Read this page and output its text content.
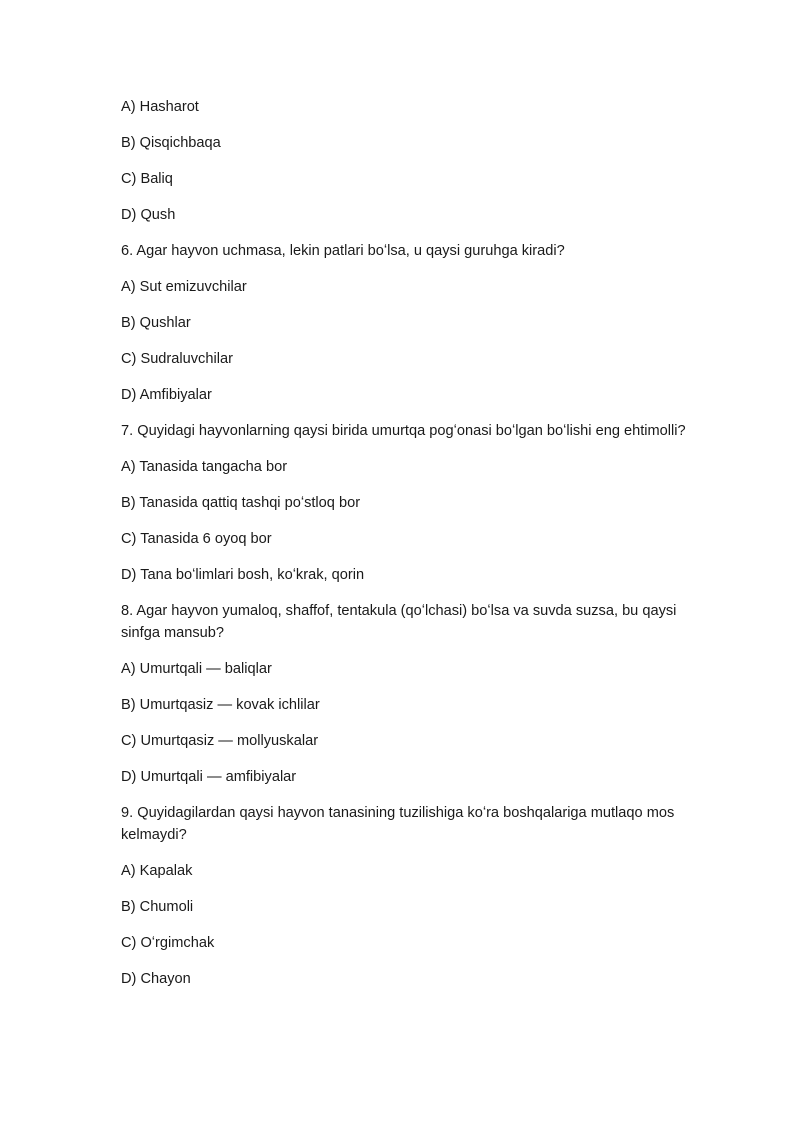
A) Hasharot

B) Qisqichbaqa

C) Baliq

D) Qush

6. Agar hayvon uchmasa, lekin patlari boʻlsa, u qaysi guruhga kiradi?

A) Sut emizuvchilar

B) Qushlar

C) Sudraluvchilar

D) Amfibiyalar

7. Quyidagi hayvonlarning qaysi birida umurtqa pogʻonasi boʻlgan boʻlishi eng ehtimolli?

A) Tanasida tangacha bor

B) Tanasida qattiq tashqi poʻstloq bor

C) Tanasida 6 oyoq bor

D) Tana boʻlimlari bosh, koʻkrak, qorin

8. Agar hayvon yumaloq, shaffof, tentakula (qoʻlchasi) boʻlsa va suvda suzsa, bu qaysi sinfga mansub?

A) Umurtqali — baliqlar

B) Umurtqasiz — kovak ichlilar

C) Umurtqasiz — mollyuskalar

D) Umurtqali — amfibiyalar

9. Quyidagilardan qaysi hayvon tanasining tuzilishiga koʻra boshqalariga mutlaqo mos kelmaydi?

A) Kapalak

B) Chumoli

C) Oʻrgimchak

D) Chayon
